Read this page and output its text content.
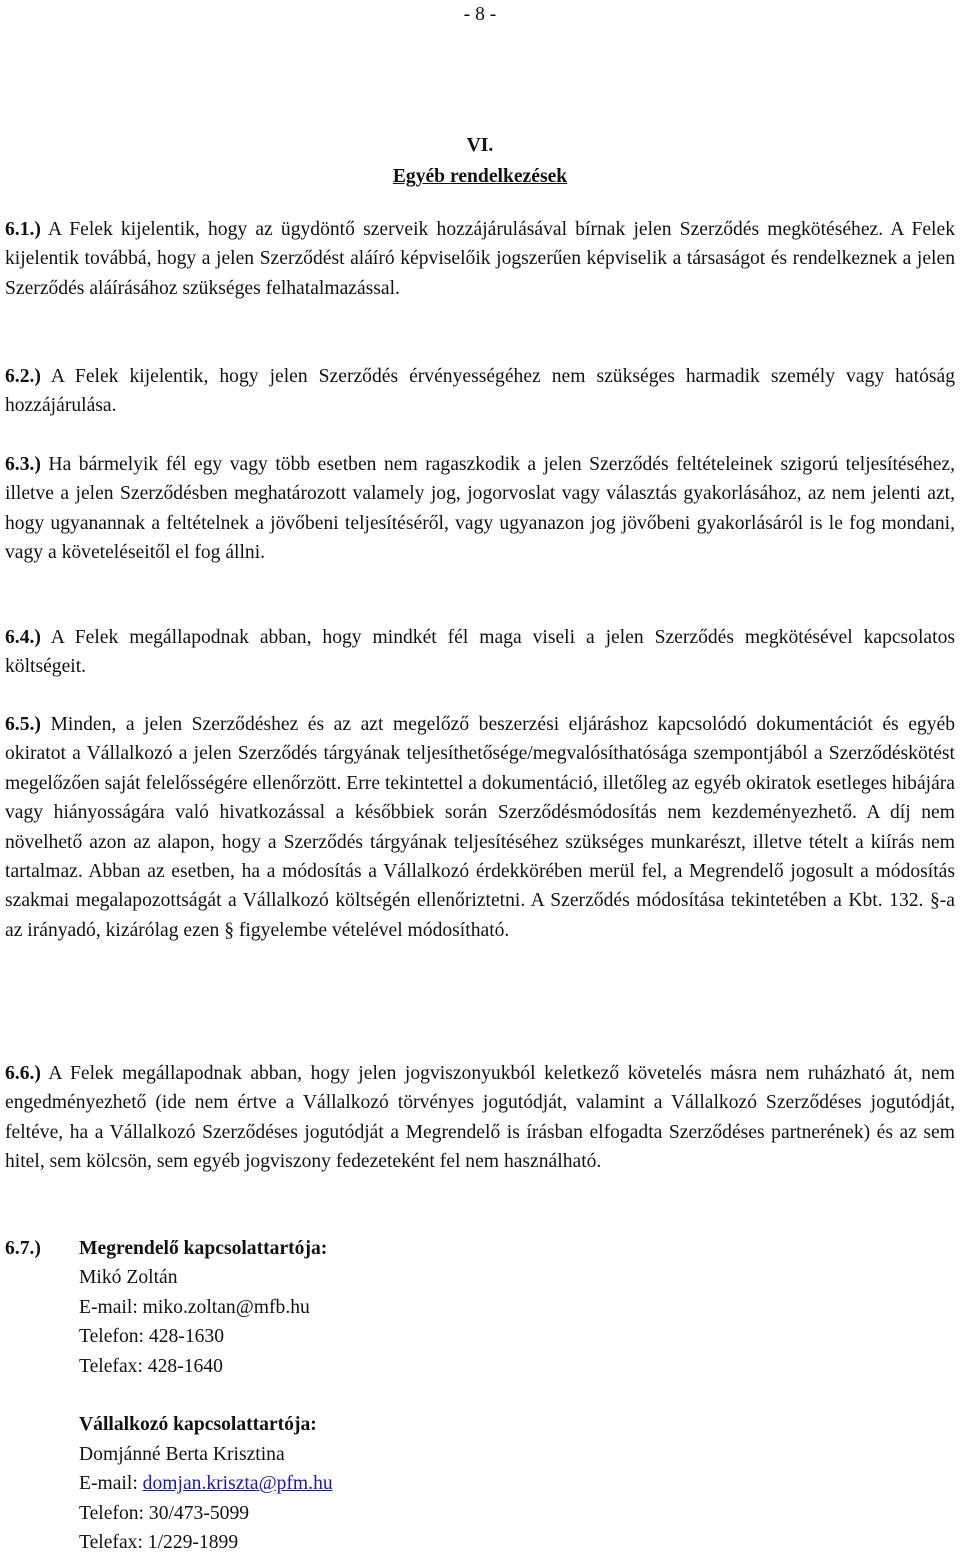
- 8 -
VI.
Egyéb rendelkezések

6.1.) A Felek kijelentik, hogy az ügydöntő szerveik hozzájárulásával bírnak jelen Szerződés megkötéséhez. A Felek kijelentik továbbá, hogy a jelen Szerződést aláíró képviselőik jogszerűen képviselik a társaságot és rendelkeznek a jelen Szerződés aláírásához szükséges felhatalmazással.

6.2.) A Felek kijelentik, hogy jelen Szerződés érvényességéhez nem szükséges harmadik személy vagy hatóság hozzájárulása.

6.3.) Ha bármelyik fél egy vagy több esetben nem ragaszkodik a jelen Szerződés feltételeinek szigorú teljesítéséhez, illetve a jelen Szerződésben meghatározott valamely jog, jogorvoslat vagy választás gyakorlásához, az nem jelenti azt, hogy ugyanannak a feltételnek a jövőbeni teljesítéséről, vagy ugyanazon jog jövőbeni gyakorlásáról is le fog mondani, vagy a követeléseitől el fog állni.

6.4.) A Felek megállapodnak abban, hogy mindkét fél maga viseli a jelen Szerződés megkötésével kapcsolatos költségeit.

6.5.) Minden, a jelen Szerződéshez és az azt megelőző beszerzési eljáráshoz kapcsolódó dokumentációt és egyéb okiratot a Vállalkozó a jelen Szerződés tárgyának teljesíthetősége/megvalósíthatósága szempontjából a Szerződéskötést megelőzően saját felelősségére ellenőrzött. Erre tekintettel a dokumentáció, illetőleg az egyéb okiratok esetleges hibájára vagy hiányosságára való hivatkozással a későbbiek során Szerződésmódosítás nem kezdeményezhető. A díj nem növelhető azon az alapon, hogy a Szerződés tárgyának teljesítéséhez szükséges munkarészt, illetve tételt a kiírás nem tartalmaz. Abban az esetben, ha a módosítás a Vállalkozó érdekkörében merül fel, a Megrendelő jogosult a módosítás szakmai megalapozottságát a Vállalkozó költségén ellenőriztetni. A Szerződés módosítása tekintetében a Kbt. 132. §-a az irányadó, kizárólag ezen § figyelembe vételével módosítható.

6.6.) A Felek megállapodnak abban, hogy jelen jogviszonyukból keletkező követelés másra nem ruházható át, nem engedményezhető (ide nem értve a Vállalkozó törvényes jogutódját, valamint a Vállalkozó Szerződéses jogutódját, feltéve, ha a Vállalkozó Szerződéses jogutódját a Megrendelő is írásban elfogadta Szerződéses partnerének) és az sem hitel, sem kölcsön, sem egyéb jogviszony fedezeteként fel nem használható.

6.7.)	Megrendelő kapcsolattartója:
Mikó Zoltán
E-mail: miko.zoltan@mfb.hu
Telefon: 428-1630
Telefax: 428-1640
Vállalkozó kapcsolattartója:
Domjánné Berta Krisztina
E-mail: domjan.kriszta@pfm.hu
Telefon: 30/473-5099
Telefax: 1/229-1899
